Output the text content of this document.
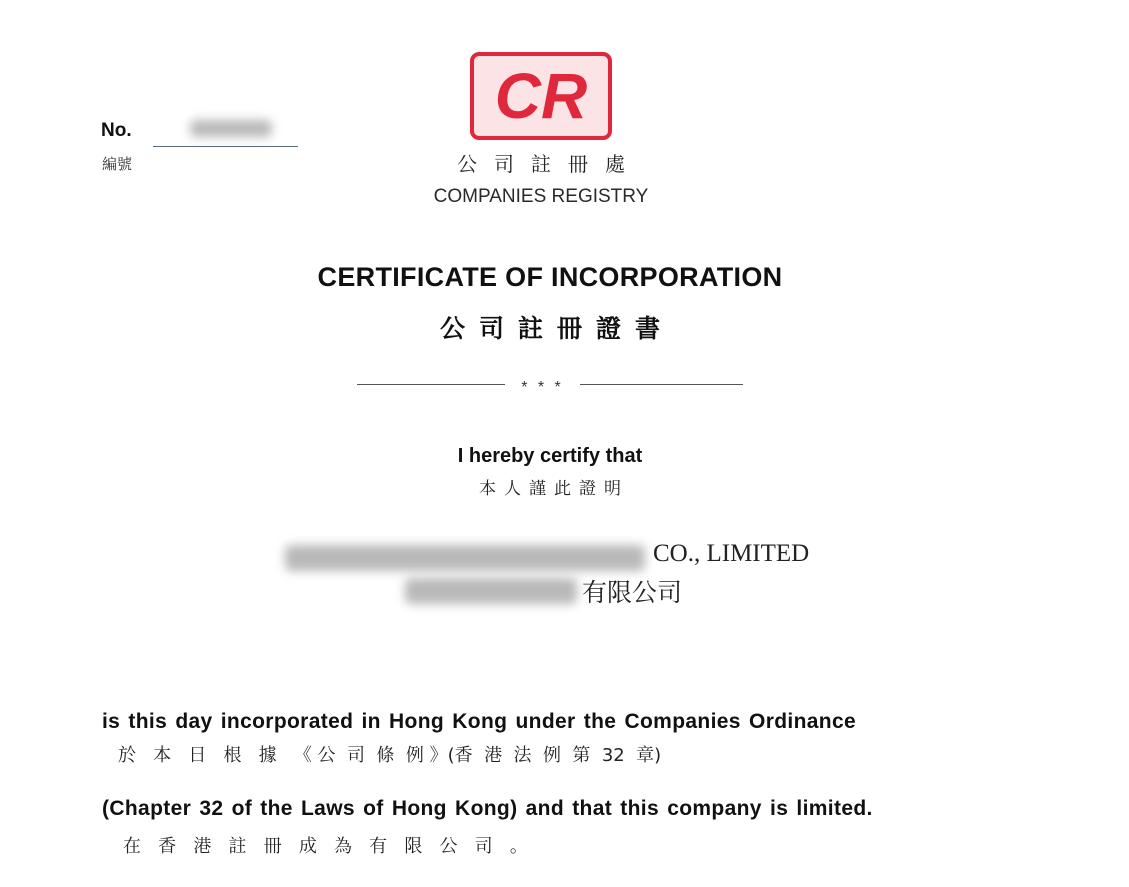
CR
公司註冊處
COMPANIES REGISTRY
No.
編號
CERTIFICATE OF INCORPORATION
公司註冊證書
* * *
I hereby certify that
本人謹此證明
CO., LIMITED
有限公司
is this day incorporated in Hong Kong under the Companies Ordinance
於   本   日   根   據   《 公  司  條  例 》(香  港  法  例  第  32  章)
(Chapter 32 of the Laws of Hong Kong) and that this company is limited.
在   香   港   註   冊   成   為   有   限   公   司   。
